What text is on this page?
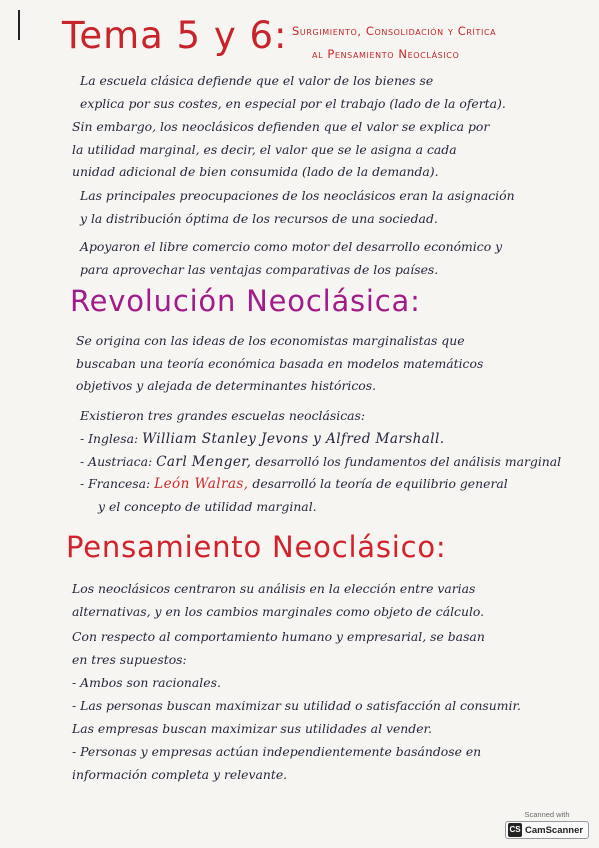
Tema 5 y 6: Surgimiento, Consolidación y Crítica
al Pensamiento Neoclásico
La escuela clásica defiende que el valor de los bienes se
explica por sus costes, en especial por el trabajo (lado de la oferta).
Sin embargo, los neoclásicos defienden que el valor se explica por
la utilidad marginal, es decir, el valor que se le asigna a cada
unidad adicional de bien consumida (lado de la demanda).
Las principales preocupaciones de los neoclásicos eran la asignación
y la distribución óptima de los recursos de una sociedad.
Apoyaron el libre comercio como motor del desarrollo económico y
para aprovechar las ventajas comparativas de los países.
Revolución Neoclásica:
Se origina con las ideas de los economistas marginalistas que
buscaban una teoría económica basada en modelos matemáticos
objetivos y alejada de determinantes históricos.
Existieron tres grandes escuelas neoclásicas:
- Inglesa: William Stanley Jevons y Alfred Marshall.
- Austriaca: Carl Menger, desarrolló los fundamentos del análisis marginal
- Francesa: León Walras, desarrolló la teoría de equilibrio general
y el concepto de utilidad marginal.
Pensamiento Neoclásico:
Los neoclásicos centraron su análisis en la elección entre varias
alternativas, y en los cambios marginales como objeto de cálculo.
Con respecto al comportamiento humano y empresarial, se basan
en tres supuestos:
- Ambos son racionales.
- Las personas buscan maximizar su utilidad o satisfacción al consumir.
Las empresas buscan maximizar sus utilidades al vender.
- Personas y empresas actúan independientemente basándose en
información completa y relevante.
Scanned with
CS CamScanner
